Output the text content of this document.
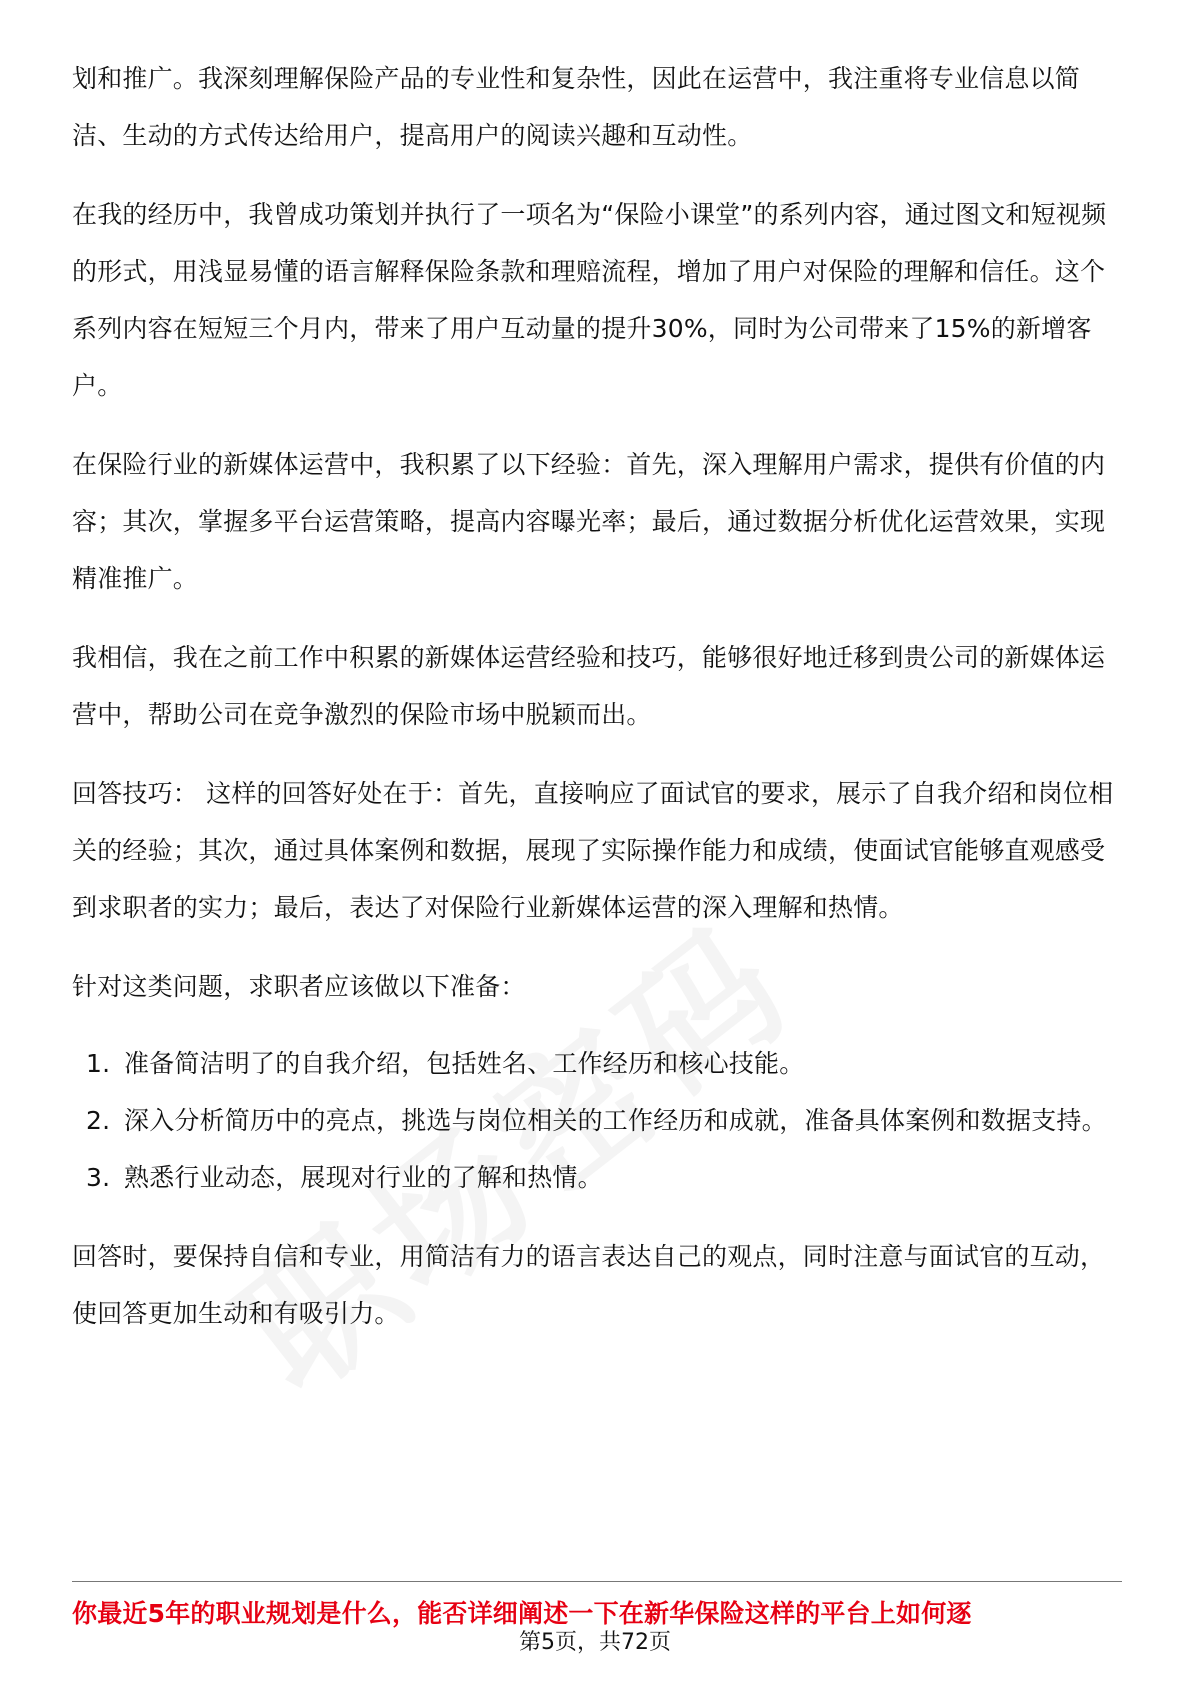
划和推广。我深刻理解保险产品的专业性和复杂性，因此在运营中，我注重将专业信息以简洁、生动的方式传达给用户，提高用户的阅读兴趣和互动性。

在我的经历中，我曾成功策划并执行了一项名为“保险小课堂”的系列内容，通过图文和短视频的形式，用浅显易懂的语言解释保险条款和理赔流程，增加了用户对保险的理解和信任。这个系列内容在短短三个月内，带来了用户互动量的提升30%，同时为公司带来了15%的新增客户。

在保险行业的新媒体运营中，我积累了以下经验：首先，深入理解用户需求，提供有价值的内容；其次，掌握多平台运营策略，提高内容曝光率；最后，通过数据分析优化运营效果，实现精准推广。

我相信，我在之前工作中积累的新媒体运营经验和技巧，能够很好地迁移到贵公司的新媒体运营中，帮助公司在竞争激烈的保险市场中脱颖而出。

回答技巧： 这样的回答好处在于：首先，直接响应了面试官的要求，展示了自我介绍和岗位相关的经验；其次，通过具体案例和数据，展现了实际操作能力和成绩，使面试官能够直观感受到求职者的实力；最后，表达了对保险行业新媒体运营的深入理解和热情。

针对这类问题，求职者应该做以下准备：

1. 准备简洁明了的自我介绍，包括姓名、工作经历和核心技能。
2. 深入分析简历中的亮点，挑选与岗位相关的工作经历和成就，准备具体案例和数据支持。
3. 熟悉行业动态，展现对行业的了解和热情。

回答时，要保持自信和专业，用简洁有力的语言表达自己的观点，同时注意与面试官的互动，使回答更加生动和有吸引力。

你最近5年的职业规划是什么，能否详细阐述一下在新华保险这样的平台上如何逐
第5页，共72页
